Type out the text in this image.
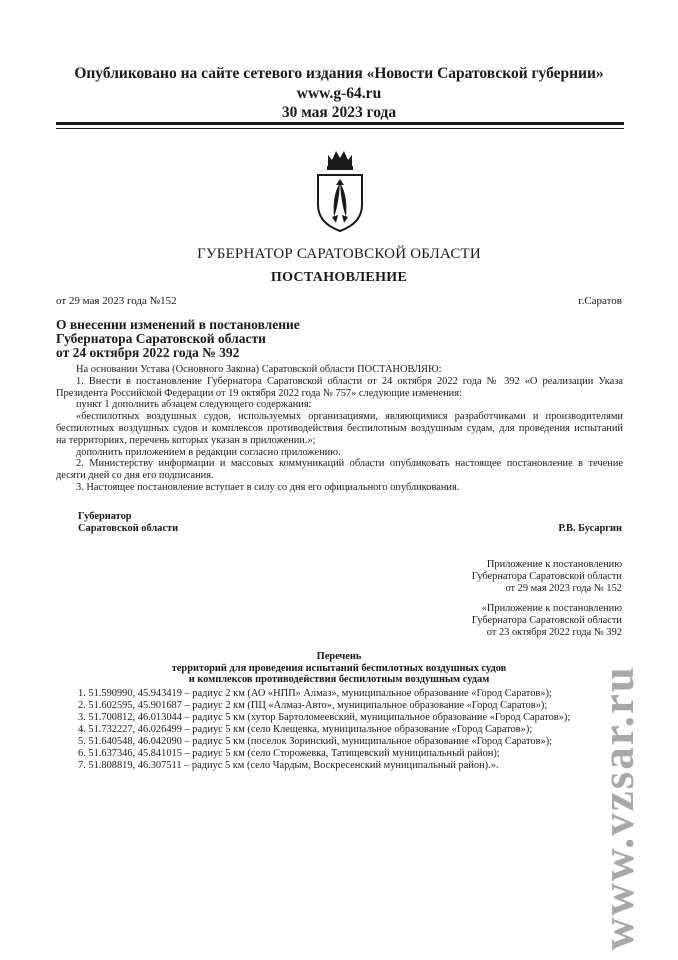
Опубликовано на сайте сетевого издания «Новости Саратовской губернии»
www.g-64.ru
30 мая 2023 года
ГУБЕРНАТОР САРАТОВСКОЙ ОБЛАСТИ
ПОСТАНОВЛЕНИЕ
от 29 мая 2023 года №152	г.Саратов
О внесении изменений в постановление
Губернатора Саратовской области
от 24 октября 2022 года № 392

На основании Устава (Основного Закона) Саратовской области ПОСТАНОВЛЯЮ:

1. Внести в постановление Губернатора Саратовской области от 24 октября 2022 года № 392 «О реализации Указа

Президента Российской Федерации от 19 октября 2022 года № 757» следующие изменения:

пункт 1 дополнить абзацем следующего содержания:

«беспилотных воздушных судов, используемых организациями, являющимися разработчиками и производителями

беспилотных воздушных судов и комплексов противодействия беспилотным воздушным судам, для проведения испытаний

на территориях, перечень которых указан в приложении.»;

дополнить приложением в редакции согласно приложению.

2. Министерству информации и массовых коммуникаций области опубликовать настоящее постановление в течение

десяти дней со дня его подписания.

3. Настоящее постановление вступает в силу со дня его официального опубликования.

Губернатор
Саратовской области	Р.В. Бусаргин
Приложение к постановлению
Губернатора Саратовской области
от 29 мая 2023 года № 152
«Приложение к постановлению
Губернатора Саратовской области
от 23 октября 2022 года № 392
Перечень
территорий для проведения испытаний беспилотных воздушных судов
и комплексов противодействия беспилотным воздушным судам
1. 51.590990, 45.943419 – радиус 2 км (АО «НПП» Алмаз», муниципальное образование «Город Саратов»);
2. 51.602595, 45.901687 – радиус 2 км (ПЦ «Алмаз-Авто», муниципальное образование «Город Саратов»);
3. 51.700812, 46.013044 – радиус 5 км (хутор Бартоломеевский, муниципальное образование «Город Саратов»);
4. 51.732227, 46.026499 – радиус 5 км (село Клещевка, муниципальное образование «Город Саратов»);
5. 51.640548, 46.042090 – радиус 5 км (поселок Зоринский, муниципальное образование «Город Саратов»);
6. 51.637346, 45.841015 – радиус 5 км (село Сторожевка, Татищевский муниципальный район);
7. 51.808819, 46.307511 – радиус 5 км (село Чардым, Воскресенский муниципальный район).».	www.vzsar.ru
